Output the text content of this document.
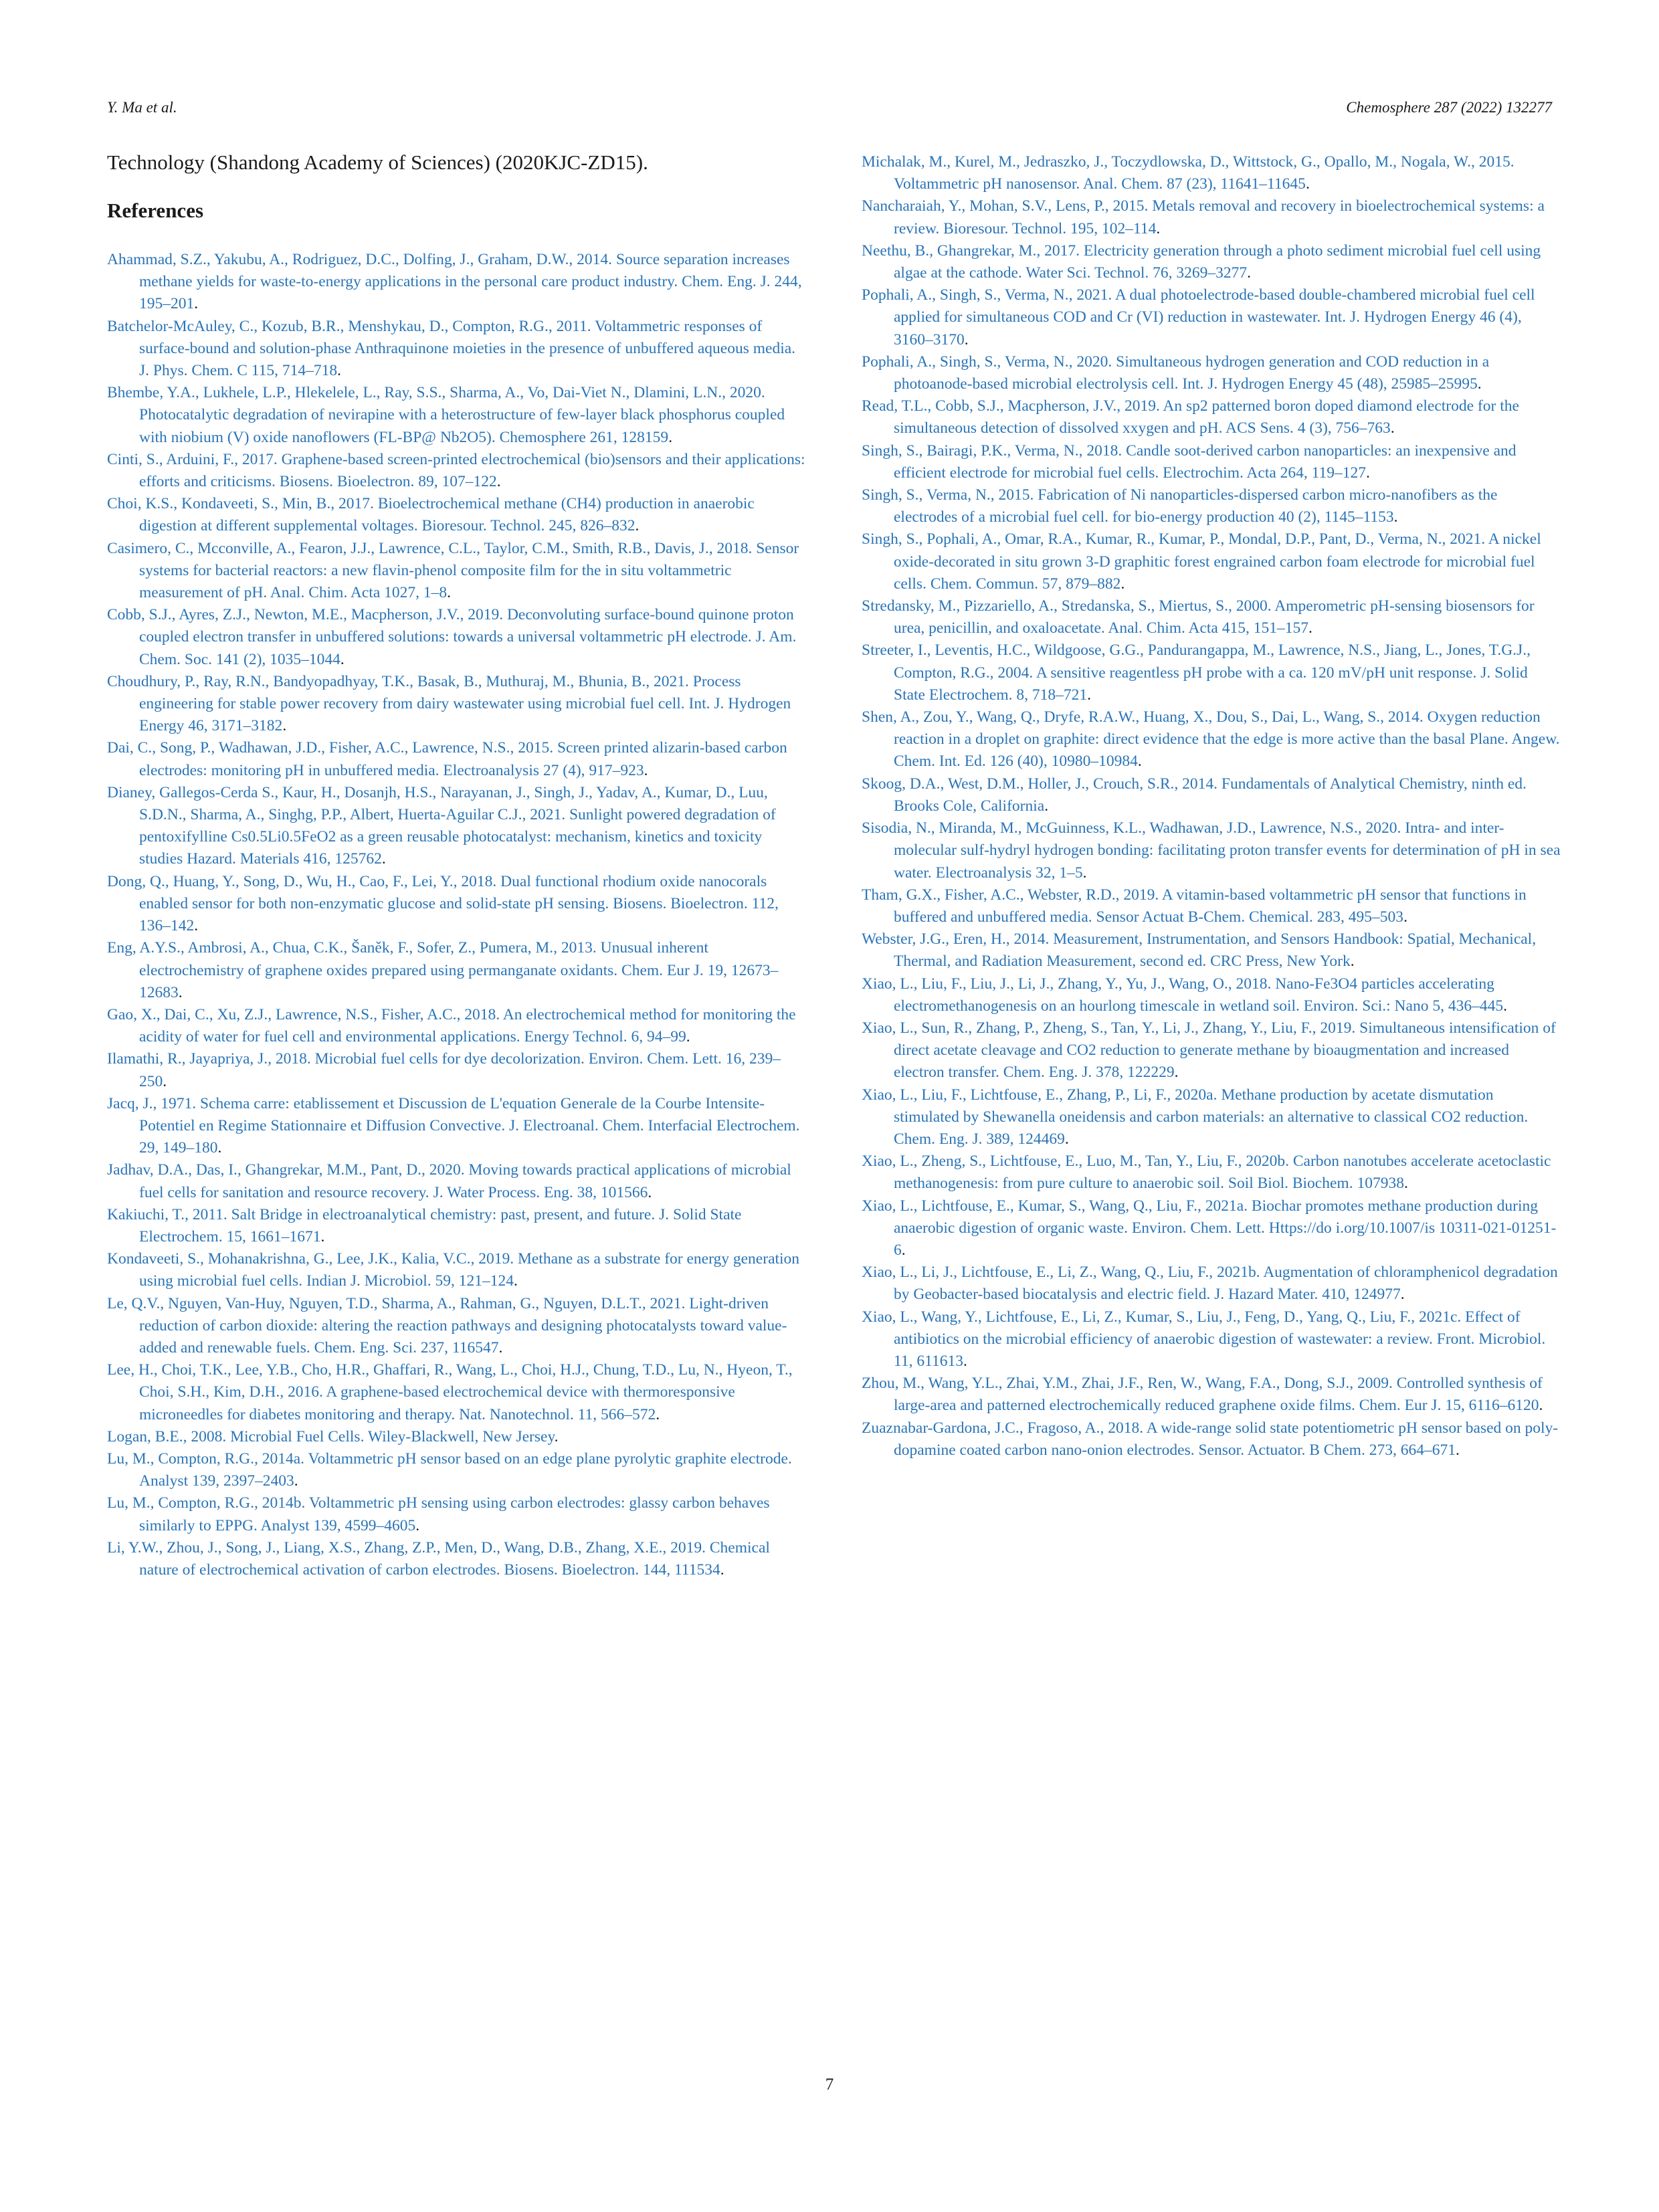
Y. Ma et al.	Chemosphere 287 (2022) 132277

Technology (Shandong Academy of Sciences) (2020KJC-ZD15).

References
Ahammad, S.Z., Yakubu, A., Rodriguez, D.C., Dolfing, J., Graham, D.W., 2014. Source separation increases methane yields for waste-to-energy applications in the personal care product industry. Chem. Eng. J. 244, 195–201.
Batchelor-McAuley, C., Kozub, B.R., Menshykau, D., Compton, R.G., 2011. Voltammetric responses of surface-bound and solution-phase Anthraquinone moieties in the presence of unbuffered aqueous media. J. Phys. Chem. C 115, 714–718.
Bhembe, Y.A., Lukhele, L.P., Hlekelele, L., Ray, S.S., Sharma, A., Vo, Dai-Viet N., Dlamini, L.N., 2020. Photocatalytic degradation of nevirapine with a heterostructure of few-layer black phosphorus coupled with niobium (V) oxide nanoflowers (FL-BP@ Nb2O5). Chemosphere 261, 128159.
Cinti, S., Arduini, F., 2017. Graphene-based screen-printed electrochemical (bio)sensors and their applications: efforts and criticisms. Biosens. Bioelectron. 89, 107–122.
Choi, K.S., Kondaveeti, S., Min, B., 2017. Bioelectrochemical methane (CH4) production in anaerobic digestion at different supplemental voltages. Bioresour. Technol. 245, 826–832.
Casimero, C., Mcconville, A., Fearon, J.J., Lawrence, C.L., Taylor, C.M., Smith, R.B., Davis, J., 2018. Sensor systems for bacterial reactors: a new flavin-phenol composite film for the in situ voltammetric measurement of pH. Anal. Chim. Acta 1027, 1–8.
Cobb, S.J., Ayres, Z.J., Newton, M.E., Macpherson, J.V., 2019. Deconvoluting surface-bound quinone proton coupled electron transfer in unbuffered solutions: towards a universal voltammetric pH electrode. J. Am. Chem. Soc. 141 (2), 1035–1044.
Choudhury, P., Ray, R.N., Bandyopadhyay, T.K., Basak, B., Muthuraj, M., Bhunia, B., 2021. Process engineering for stable power recovery from dairy wastewater using microbial fuel cell. Int. J. Hydrogen Energy 46, 3171–3182.
Dai, C., Song, P., Wadhawan, J.D., Fisher, A.C., Lawrence, N.S., 2015. Screen printed alizarin-based carbon electrodes: monitoring pH in unbuffered media. Electroanalysis 27 (4), 917–923.
Dianey, Gallegos-Cerda S., Kaur, H., Dosanjh, H.S., Narayanan, J., Singh, J., Yadav, A., Kumar, D., Luu, S.D.N., Sharma, A., Singhg, P.P., Albert, Huerta-Aguilar C.J., 2021. Sunlight powered degradation of pentoxifylline Cs0.5Li0.5FeO2 as a green reusable photocatalyst: mechanism, kinetics and toxicity studies Hazard. Materials 416, 125762.
Dong, Q., Huang, Y., Song, D., Wu, H., Cao, F., Lei, Y., 2018. Dual functional rhodium oxide nanocorals enabled sensor for both non-enzymatic glucose and solid-state pH sensing. Biosens. Bioelectron. 112, 136–142.
Eng, A.Y.S., Ambrosi, A., Chua, C.K., Šaněk, F., Sofer, Z., Pumera, M., 2013. Unusual inherent electrochemistry of graphene oxides prepared using permanganate oxidants. Chem. Eur J. 19, 12673–12683.
Gao, X., Dai, C., Xu, Z.J., Lawrence, N.S., Fisher, A.C., 2018. An electrochemical method for monitoring the acidity of water for fuel cell and environmental applications. Energy Technol. 6, 94–99.
Ilamathi, R., Jayapriya, J., 2018. Microbial fuel cells for dye decolorization. Environ. Chem. Lett. 16, 239–250.
Jacq, J., 1971. Schema carre: etablissement et Discussion de L'equation Generale de la Courbe Intensite-Potentiel en Regime Stationnaire et Diffusion Convective. J. Electroanal. Chem. Interfacial Electrochem. 29, 149–180.
Jadhav, D.A., Das, I., Ghangrekar, M.M., Pant, D., 2020. Moving towards practical applications of microbial fuel cells for sanitation and resource recovery. J. Water Process. Eng. 38, 101566.
Kakiuchi, T., 2011. Salt Bridge in electroanalytical chemistry: past, present, and future. J. Solid State Electrochem. 15, 1661–1671.
Kondaveeti, S., Mohanakrishna, G., Lee, J.K., Kalia, V.C., 2019. Methane as a substrate for energy generation using microbial fuel cells. Indian J. Microbiol. 59, 121–124.
Le, Q.V., Nguyen, Van-Huy, Nguyen, T.D., Sharma, A., Rahman, G., Nguyen, D.L.T., 2021. Light-driven reduction of carbon dioxide: altering the reaction pathways and designing photocatalysts toward value-added and renewable fuels. Chem. Eng. Sci. 237, 116547.
Lee, H., Choi, T.K., Lee, Y.B., Cho, H.R., Ghaffari, R., Wang, L., Choi, H.J., Chung, T.D., Lu, N., Hyeon, T., Choi, S.H., Kim, D.H., 2016. A graphene-based electrochemical device with thermoresponsive microneedles for diabetes monitoring and therapy. Nat. Nanotechnol. 11, 566–572.
Logan, B.E., 2008. Microbial Fuel Cells. Wiley-Blackwell, New Jersey.
Lu, M., Compton, R.G., 2014a. Voltammetric pH sensor based on an edge plane pyrolytic graphite electrode. Analyst 139, 2397–2403.
Lu, M., Compton, R.G., 2014b. Voltammetric pH sensing using carbon electrodes: glassy carbon behaves similarly to EPPG. Analyst 139, 4599–4605.
Li, Y.W., Zhou, J., Song, J., Liang, X.S., Zhang, Z.P., Men, D., Wang, D.B., Zhang, X.E., 2019. Chemical nature of electrochemical activation of carbon electrodes. Biosens. Bioelectron. 144, 111534.
Michalak, M., Kurel, M., Jedraszko, J., Toczydlowska, D., Wittstock, G., Opallo, M., Nogala, W., 2015. Voltammetric pH nanosensor. Anal. Chem. 87 (23), 11641–11645.
Nancharaiah, Y., Mohan, S.V., Lens, P., 2015. Metals removal and recovery in bioelectrochemical systems: a review. Bioresour. Technol. 195, 102–114.
Neethu, B., Ghangrekar, M., 2017. Electricity generation through a photo sediment microbial fuel cell using algae at the cathode. Water Sci. Technol. 76, 3269–3277.
Pophali, A., Singh, S., Verma, N., 2021. A dual photoelectrode-based double-chambered microbial fuel cell applied for simultaneous COD and Cr (VI) reduction in wastewater. Int. J. Hydrogen Energy 46 (4), 3160–3170.
Pophali, A., Singh, S., Verma, N., 2020. Simultaneous hydrogen generation and COD reduction in a photoanode-based microbial electrolysis cell. Int. J. Hydrogen Energy 45 (48), 25985–25995.
Read, T.L., Cobb, S.J., Macpherson, J.V., 2019. An sp2 patterned boron doped diamond electrode for the simultaneous detection of dissolved xxygen and pH. ACS Sens. 4 (3), 756–763.
Singh, S., Bairagi, P.K., Verma, N., 2018. Candle soot-derived carbon nanoparticles: an inexpensive and efficient electrode for microbial fuel cells. Electrochim. Acta 264, 119–127.
Singh, S., Verma, N., 2015. Fabrication of Ni nanoparticles-dispersed carbon micro-nanofibers as the electrodes of a microbial fuel cell. for bio-energy production 40 (2), 1145–1153.
Singh, S., Pophali, A., Omar, R.A., Kumar, R., Kumar, P., Mondal, D.P., Pant, D., Verma, N., 2021. A nickel oxide-decorated in situ grown 3-D graphitic forest engrained carbon foam electrode for microbial fuel cells. Chem. Commun. 57, 879–882.
Stredansky, M., Pizzariello, A., Stredanska, S., Miertus, S., 2000. Amperometric pH-sensing biosensors for urea, penicillin, and oxaloacetate. Anal. Chim. Acta 415, 151–157.
Streeter, I., Leventis, H.C., Wildgoose, G.G., Pandurangappa, M., Lawrence, N.S., Jiang, L., Jones, T.G.J., Compton, R.G., 2004. A sensitive reagentless pH probe with a ca. 120 mV/pH unit response. J. Solid State Electrochem. 8, 718–721.
Shen, A., Zou, Y., Wang, Q., Dryfe, R.A.W., Huang, X., Dou, S., Dai, L., Wang, S., 2014. Oxygen reduction reaction in a droplet on graphite: direct evidence that the edge is more active than the basal Plane. Angew. Chem. Int. Ed. 126 (40), 10980–10984.
Skoog, D.A., West, D.M., Holler, J., Crouch, S.R., 2014. Fundamentals of Analytical Chemistry, ninth ed. Brooks Cole, California.
Sisodia, N., Miranda, M., McGuinness, K.L., Wadhawan, J.D., Lawrence, N.S., 2020. Intra- and inter-molecular sulf-hydryl hydrogen bonding: facilitating proton transfer events for determination of pH in sea water. Electroanalysis 32, 1–5.
Tham, G.X., Fisher, A.C., Webster, R.D., 2019. A vitamin-based voltammetric pH sensor that functions in buffered and unbuffered media. Sensor Actuat B-Chem. Chemical. 283, 495–503.
Webster, J.G., Eren, H., 2014. Measurement, Instrumentation, and Sensors Handbook: Spatial, Mechanical, Thermal, and Radiation Measurement, second ed. CRC Press, New York.
Xiao, L., Liu, F., Liu, J., Li, J., Zhang, Y., Yu, J., Wang, O., 2018. Nano-Fe3O4 particles accelerating electromethanogenesis on an hourlong timescale in wetland soil. Environ. Sci.: Nano 5, 436–445.
Xiao, L., Sun, R., Zhang, P., Zheng, S., Tan, Y., Li, J., Zhang, Y., Liu, F., 2019. Simultaneous intensification of direct acetate cleavage and CO2 reduction to generate methane by bioaugmentation and increased electron transfer. Chem. Eng. J. 378, 122229.
Xiao, L., Liu, F., Lichtfouse, E., Zhang, P., Li, F., 2020a. Methane production by acetate dismutation stimulated by Shewanella oneidensis and carbon materials: an alternative to classical CO2 reduction. Chem. Eng. J. 389, 124469.
Xiao, L., Zheng, S., Lichtfouse, E., Luo, M., Tan, Y., Liu, F., 2020b. Carbon nanotubes accelerate acetoclastic methanogenesis: from pure culture to anaerobic soil. Soil Biol. Biochem. 107938.
Xiao, L., Lichtfouse, E., Kumar, S., Wang, Q., Liu, F., 2021a. Biochar promotes methane production during anaerobic digestion of organic waste. Environ. Chem. Lett. Https://do i.org/10.1007/is 10311-021-01251-6.
Xiao, L., Li, J., Lichtfouse, E., Li, Z., Wang, Q., Liu, F., 2021b. Augmentation of chloramphenicol degradation by Geobacter-based biocatalysis and electric field. J. Hazard Mater. 410, 124977.
Xiao, L., Wang, Y., Lichtfouse, E., Li, Z., Kumar, S., Liu, J., Feng, D., Yang, Q., Liu, F., 2021c. Effect of antibiotics on the microbial efficiency of anaerobic digestion of wastewater: a review. Front. Microbiol. 11, 611613.
Zhou, M., Wang, Y.L., Zhai, Y.M., Zhai, J.F., Ren, W., Wang, F.A., Dong, S.J., 2009. Controlled synthesis of large-area and patterned electrochemically reduced graphene oxide films. Chem. Eur J. 15, 6116–6120.
Zuaznabar-Gardona, J.C., Fragoso, A., 2018. A wide-range solid state potentiometric pH sensor based on poly-dopamine coated carbon nano-onion electrodes. Sensor. Actuator. B Chem. 273, 664–671.
7
